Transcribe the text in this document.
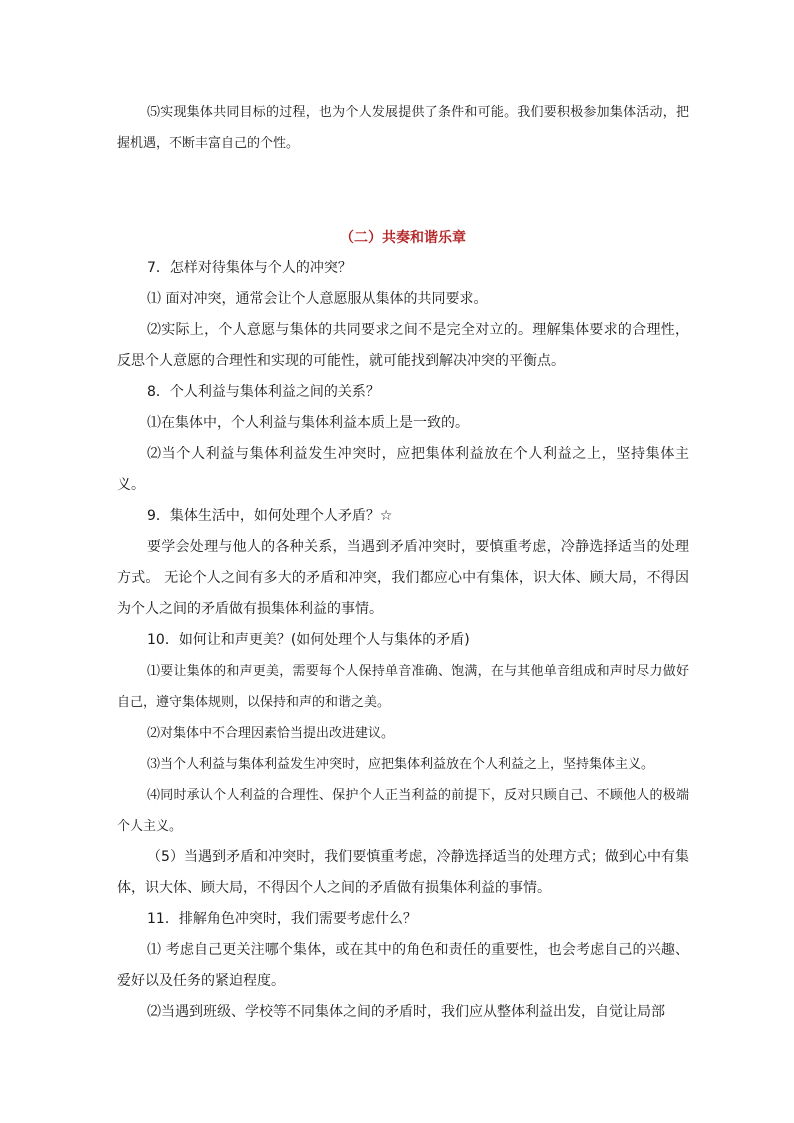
⑸实现集体共同目标的过程，也为个人发展提供了条件和可能。我们要积极参加集体活动，把握机遇，不断丰富自己的个性。

（二）共奏和谐乐章

7．怎样对待集体与个人的冲突？

⑴ 面对冲突，通常会让个人意愿服从集体的共同要求。

⑵实际上，个人意愿与集体的共同要求之间不是完全对立的。理解集体要求的合理性，反思个人意愿的合理性和实现的可能性，就可能找到解决冲突的平衡点。

8．个人利益与集体利益之间的关系？

⑴在集体中，个人利益与集体利益本质上是一致的。

⑵当个人利益与集体利益发生冲突时，应把集体利益放在个人利益之上，坚持集体主义。

9．集体生活中，如何处理个人矛盾？☆

要学会处理与他人的各种关系，当遇到矛盾冲突时，要慎重考虑，冷静选择适当的处理方式。 无论个人之间有多大的矛盾和冲突，我们都应心中有集体，识大体、顾大局，不得因为个人之间的矛盾做有损集体利益的事情。

10．如何让和声更美？(如何处理个人与集体的矛盾)

⑴要让集体的和声更美，需要每个人保持单音准确、饱满，在与其他单音组成和声时尽力做好自己，遵守集体规则，以保持和声的和谐之美。

⑵对集体中不合理因素恰当提出改进建议。

⑶当个人利益与集体利益发生冲突时，应把集体利益放在个人利益之上，坚持集体主义。

⑷同时承认个人利益的合理性、保护个人正当利益的前提下，反对只顾自己、不顾他人的极端个人主义。

（5）当遇到矛盾和冲突时，我们要慎重考虑，冷静选择适当的处理方式；做到心中有集体，识大体、顾大局，不得因个人之间的矛盾做有损集体利益的事情。

11．排解角色冲突时，我们需要考虑什么？

⑴ 考虑自己更关注哪个集体，或在其中的角色和责任的重要性，也会考虑自己的兴趣、爱好以及任务的紧迫程度。

⑵当遇到班级、学校等不同集体之间的矛盾时，我们应从整体利益出发，自觉让局部
